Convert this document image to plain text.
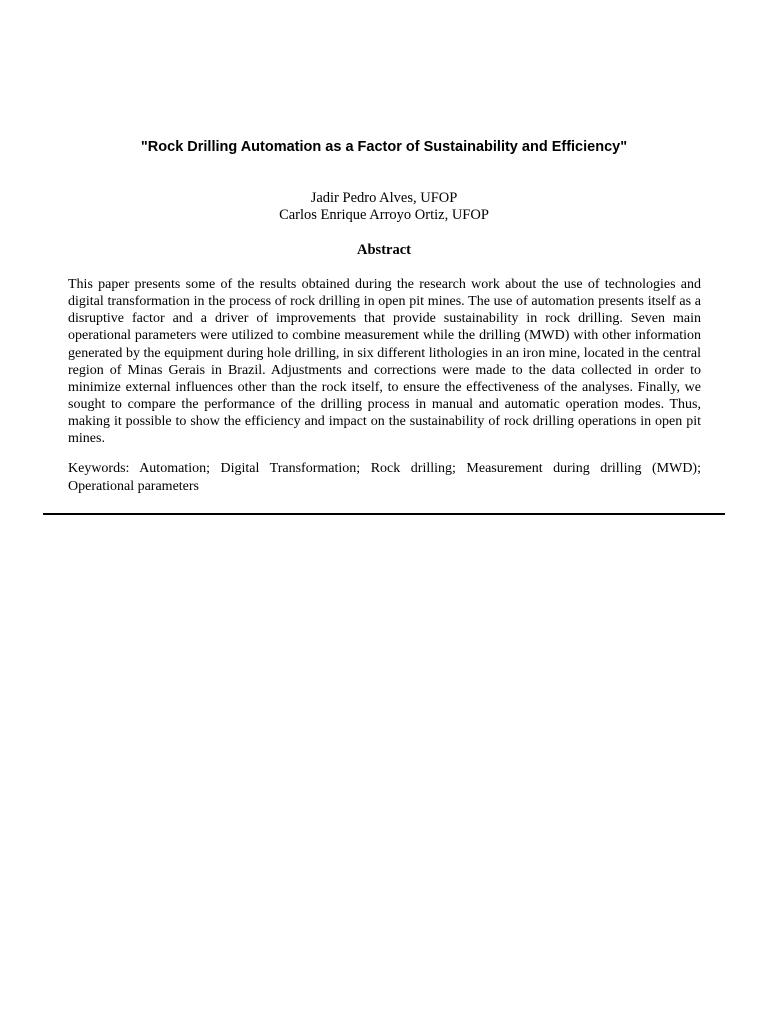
"Rock Drilling Automation as a Factor of Sustainability and Efficiency"
Jadir Pedro Alves, UFOP
Carlos Enrique Arroyo Ortiz, UFOP
Abstract

This paper presents some of the results obtained during the research work about the use of technologies and digital transformation in the process of rock drilling in open pit mines. The use of automation presents itself as a disruptive factor and a driver of improvements that provide sustainability in rock drilling. Seven main operational parameters were utilized to combine measurement while the drilling (MWD) with other information generated by the equipment during hole drilling, in six different lithologies in an iron mine, located in the central region of Minas Gerais in Brazil. Adjustments and corrections were made to the data collected in order to minimize external influences other than the rock itself, to ensure the effectiveness of the analyses. Finally, we sought to compare the performance of the drilling process in manual and automatic operation modes. Thus, making it possible to show the efficiency and impact on the sustainability of rock drilling operations in open pit mines.

Keywords: Automation; Digital Transformation; Rock drilling; Measurement during drilling (MWD); Operational parameters
